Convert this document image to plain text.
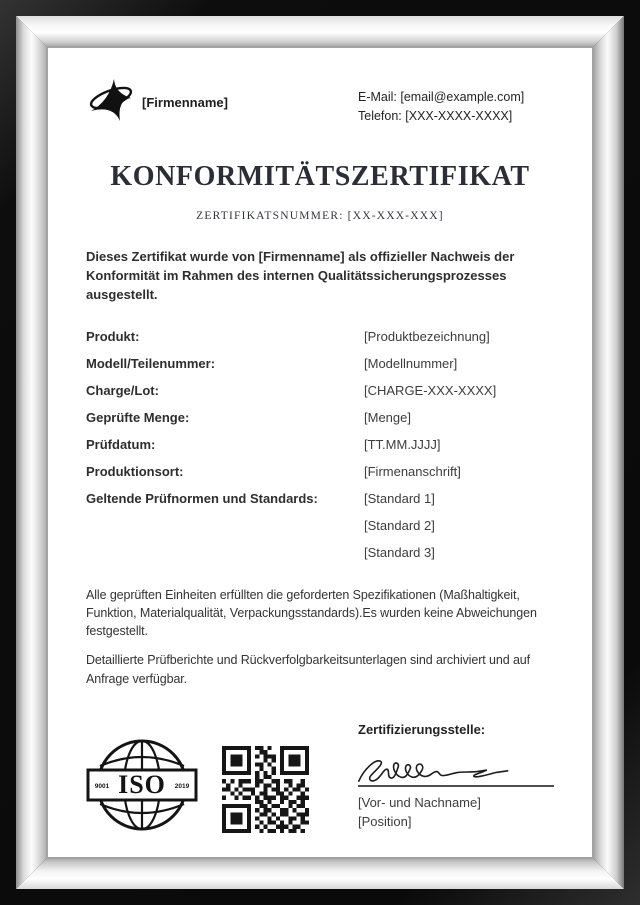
[Firmenname]	E-Mail: [email@example.com]
Telefon: [XXX-XXXX-XXXX]
KONFORMITÄTSZERTIFIKAT
ZERTIFIKATSNUMMER: [XX-XXX-XXX]

Dieses Zertifikat wurde von [Firmenname] als offizieller Nachweis der Konformität im Rahmen des internen Qualitätssicherungsprozesses ausgestellt.

Produkt:	[Produktbezeichnung]
Modell/Teilenummer:	[Modellnummer]
Charge/Lot:	[CHARGE-XXX-XXXX]
Geprüfte Menge:	[Menge]
Prüfdatum:	[TT.MM.JJJJ]
Produktionsort:	[Firmenanschrift]
Geltende Prüfnormen und Standards:	[Standard 1]
[Standard 2]
[Standard 3]

Alle geprüften Einheiten erfüllten die geforderten Spezifikationen (Maßhaltigkeit, Funktion, Materialqualität, Verpackungsstandards).Es wurden keine Abweichungen festgestellt.

Detaillierte Prüfberichte und Rückverfolgbarkeitsunterlagen sind archiviert und auf Anfrage verfügbar.

9001 ISO 2019
Zertifizierungsstelle:
[Vor- und Nachname]
[Position]
